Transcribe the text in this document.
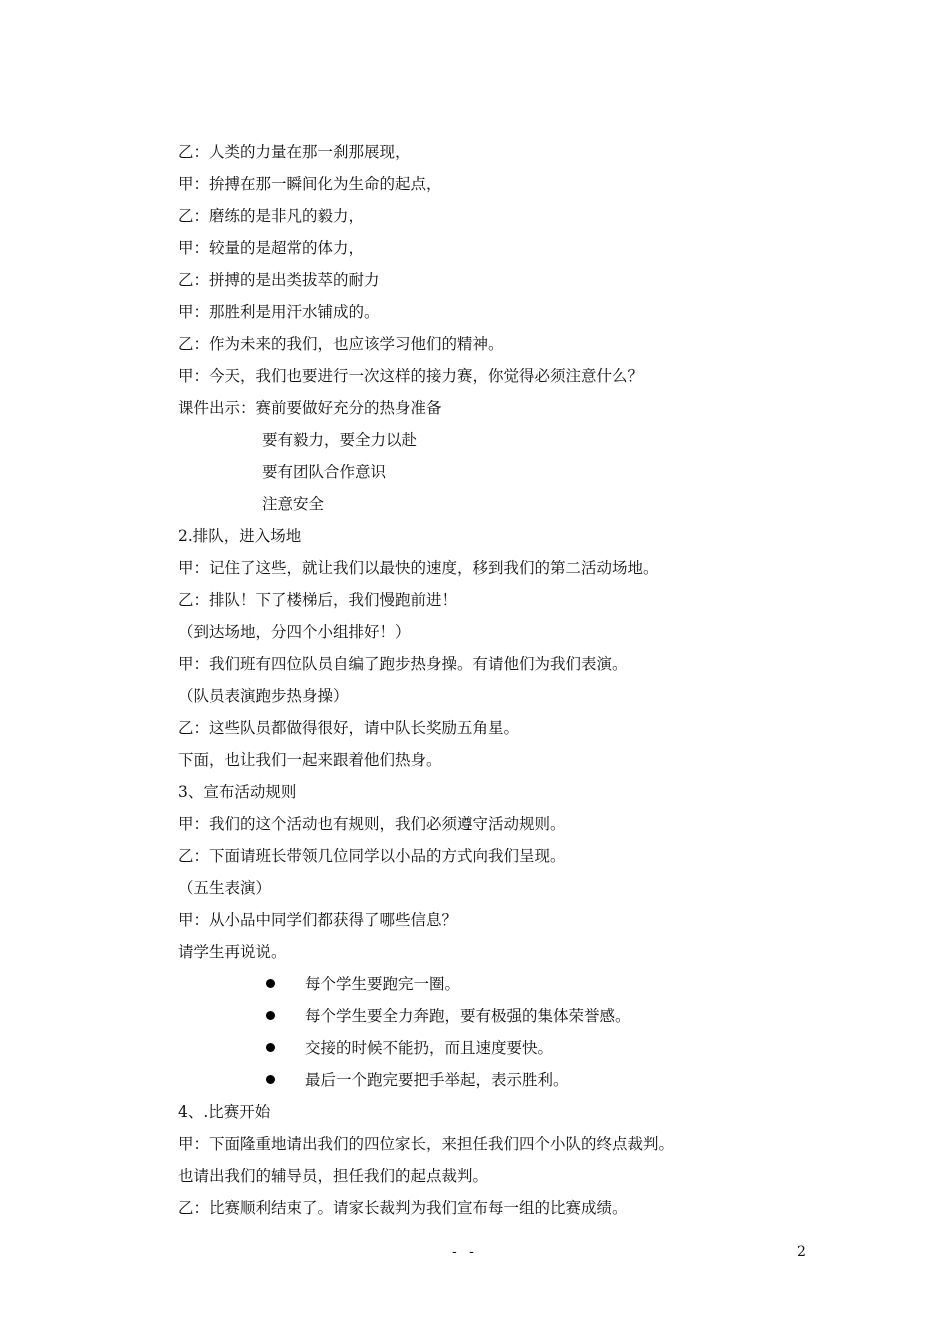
乙：人类的力量在那一刹那展现，
甲：拚搏在那一瞬间化为生命的起点，
乙：磨练的是非凡的毅力，
甲：较量的是超常的体力，
乙：拼搏的是出类拔萃的耐力
甲：那胜利是用汗水铺成的。
乙：作为未来的我们，也应该学习他们的精神。
甲：今天，我们也要进行一次这样的接力赛，你觉得必须注意什么？
课件出示：赛前要做好充分的热身准备
要有毅力，要全力以赴
要有团队合作意识
注意安全
2.排队，进入场地
甲：记住了这些，就让我们以最快的速度，移到我们的第二活动场地。
乙：排队！下了楼梯后，我们慢跑前进！
（到达场地，分四个小组排好！）
甲：我们班有四位队员自编了跑步热身操。有请他们为我们表演。
（队员表演跑步热身操）
乙：这些队员都做得很好，请中队长奖励五角星。
下面，也让我们一起来跟着他们热身。
3、宣布活动规则
甲：我们的这个活动也有规则，我们必须遵守活动规则。
乙：下面请班长带领几位同学以小品的方式向我们呈现。
（五生表演）
甲：从小品中同学们都获得了哪些信息？
请学生再说说。
每个学生要跑完一圈。
每个学生要全力奔跑，要有极强的集体荣誉感。
交接的时候不能扔，而且速度要快。
最后一个跑完要把手举起，表示胜利。
4、.比赛开始
甲：下面隆重地请出我们的四位家长，来担任我们四个小队的终点裁判。
也请出我们的辅导员，担任我们的起点裁判。
乙：比赛顺利结束了。请家长裁判为我们宣布每一组的比赛成绩。
- -	2
